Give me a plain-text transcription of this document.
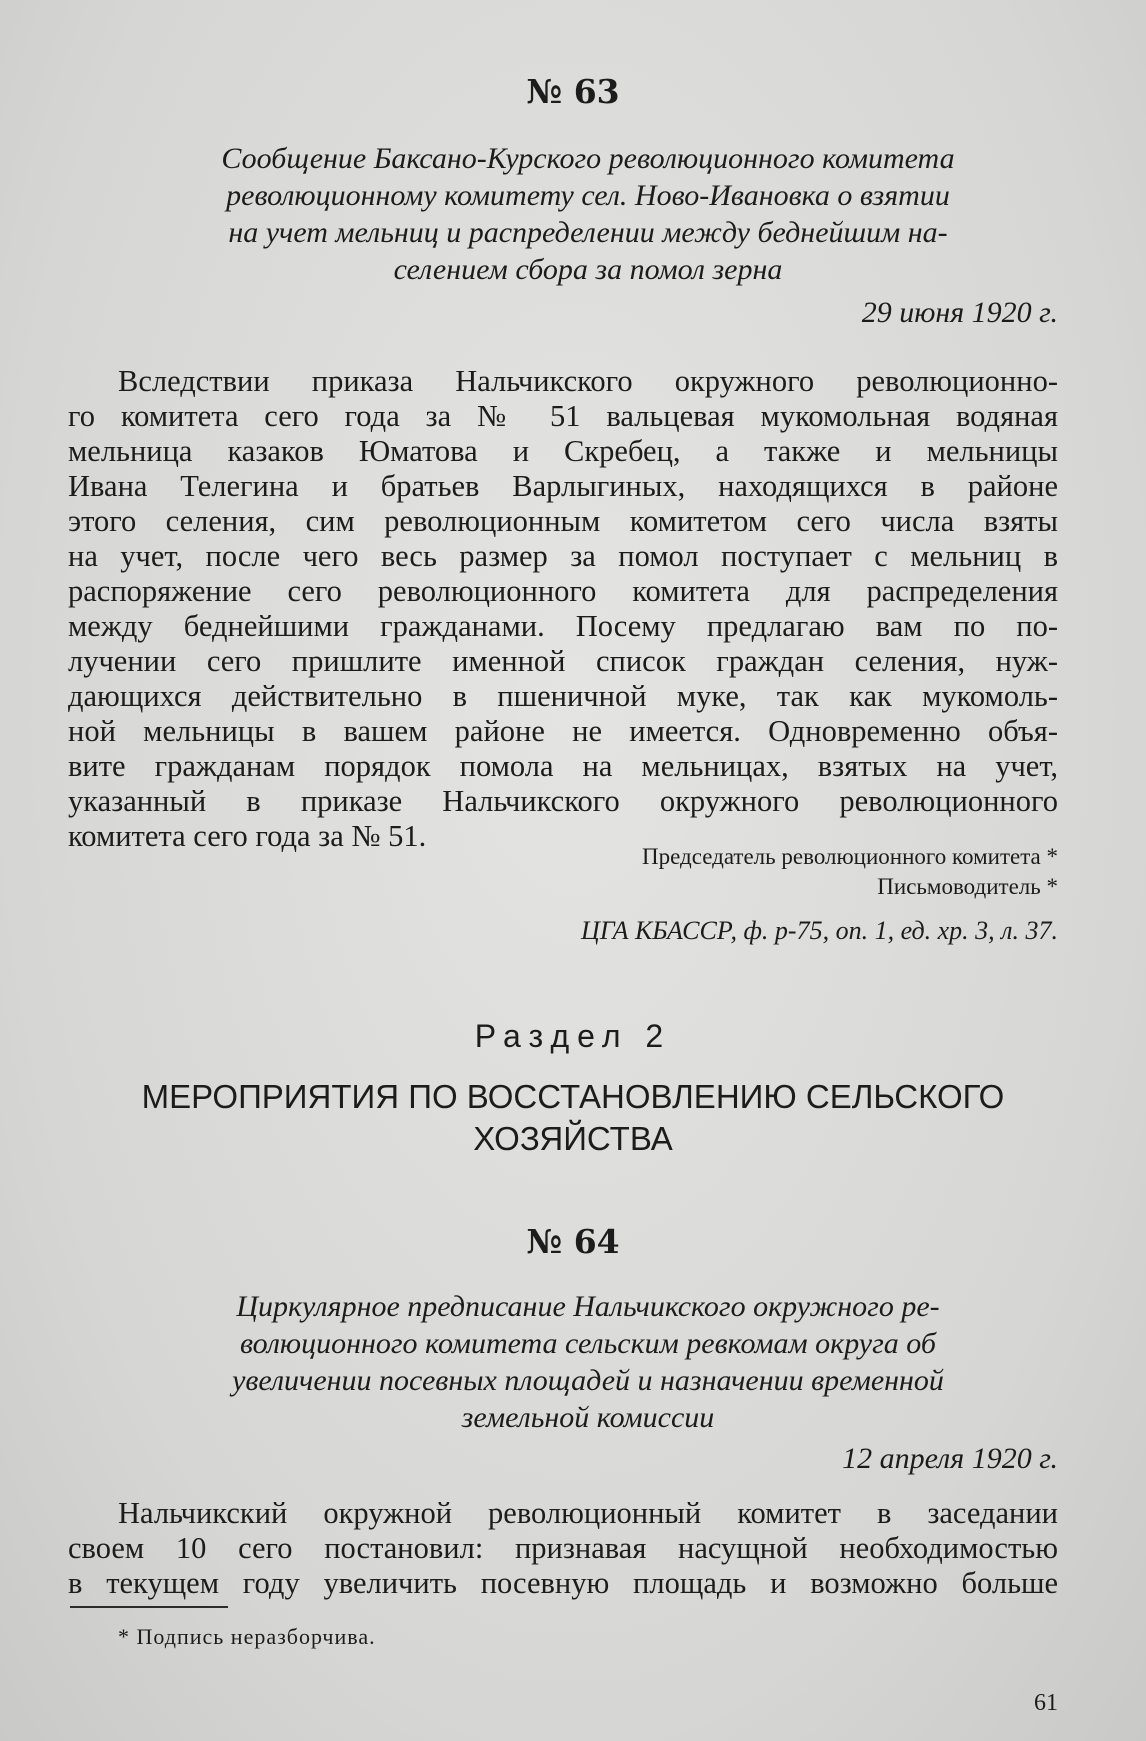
№ 63
Сообщение Баксано-Курского революционного комитета
революционному комитету сел. Ново-Ивановка о взятии
на учет мельниц и распределении между беднейшим на-
селением сбора за помол зерна
29 июня 1920 г.
Вследствии приказа Нальчикского окружного революционно-
го комитета сего года за № 51 вальцевая мукомольная водяная
мельница казаков Юматова и Скребец, а также и мельницы
Ивана Телегина и братьев Варлыгиных, находящихся в районе
этого селения, сим революционным комитетом сего числа взяты
на учет, после чего весь размер за помол поступает с мельниц в
распоряжение сего революционного комитета для распределения
между беднейшими гражданами. Посему предлагаю вам по по-
лучении сего пришлите именной список граждан селения, нуж-
дающихся действительно в пшеничной муке, так как мукомоль-
ной мельницы в вашем районе не имеется. Одновременно объя-
вите гражданам порядок помола на мельницах, взятых на учет,
указанный в приказе Нальчикского окружного революционного
комитета сего года за № 51.
Председатель революционного комитета *
Письмоводитель *
ЦГА КБАССР, ф. р-75, оп. 1, ед. хр. 3, л. 37.
Раздел 2
МЕРОПРИЯТИЯ ПО ВОССТАНОВЛЕНИЮ СЕЛЬСКОГО
ХОЗЯЙСТВА
№ 64
Циркулярное предписание Нальчикского окружного ре-
волюционного комитета сельским ревкомам округа об
увеличении посевных площадей и назначении временной
земельной комиссии
12 апреля 1920 г.
Нальчикский окружной революционный комитет в заседании
своем 10 сего постановил: признавая насущной необходимостью
в текущем году увеличить посевную площадь и возможно больше
* Подпись неразборчива.
61
